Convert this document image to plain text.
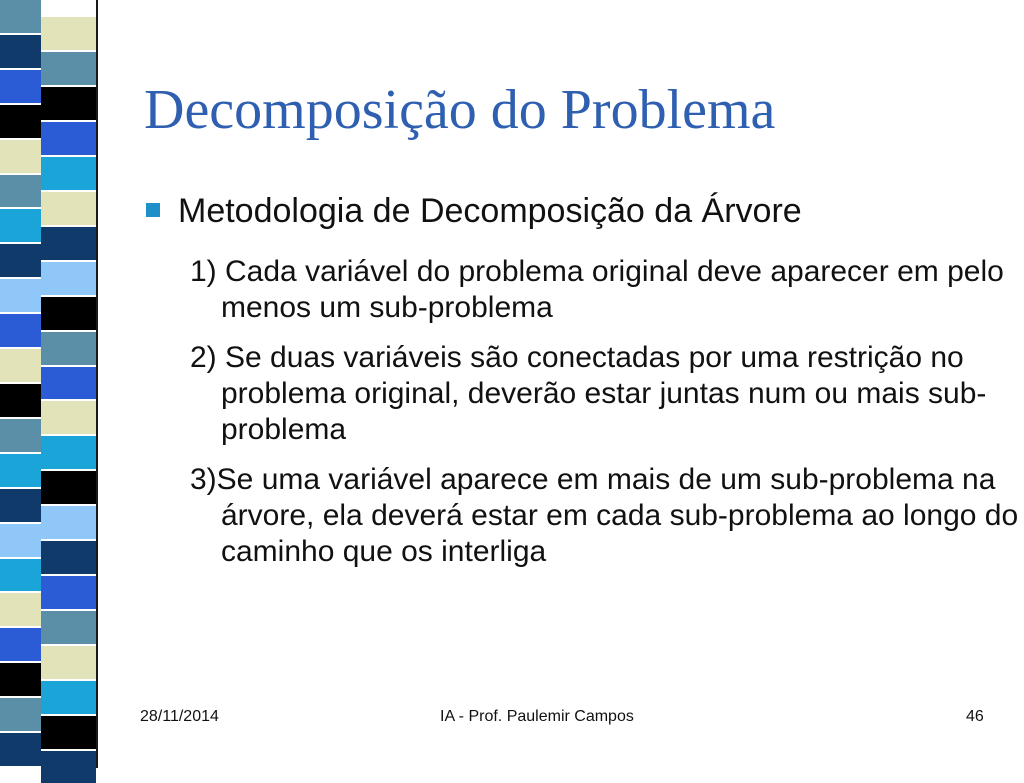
Decomposição do Problema
Metodologia de Decomposição da Árvore

1) Cada variável do problema original deve aparecer em pelo menos um sub-problema

2) Se duas variáveis são conectadas por uma restrição no problema original, deverão estar juntas num ou mais sub-problema

3)Se uma variável aparece em mais de um sub-problema na árvore, ela deverá estar em cada sub-problema ao longo do caminho que os interliga

28/11/2014	IA - Prof. Paulemir Campos	46
